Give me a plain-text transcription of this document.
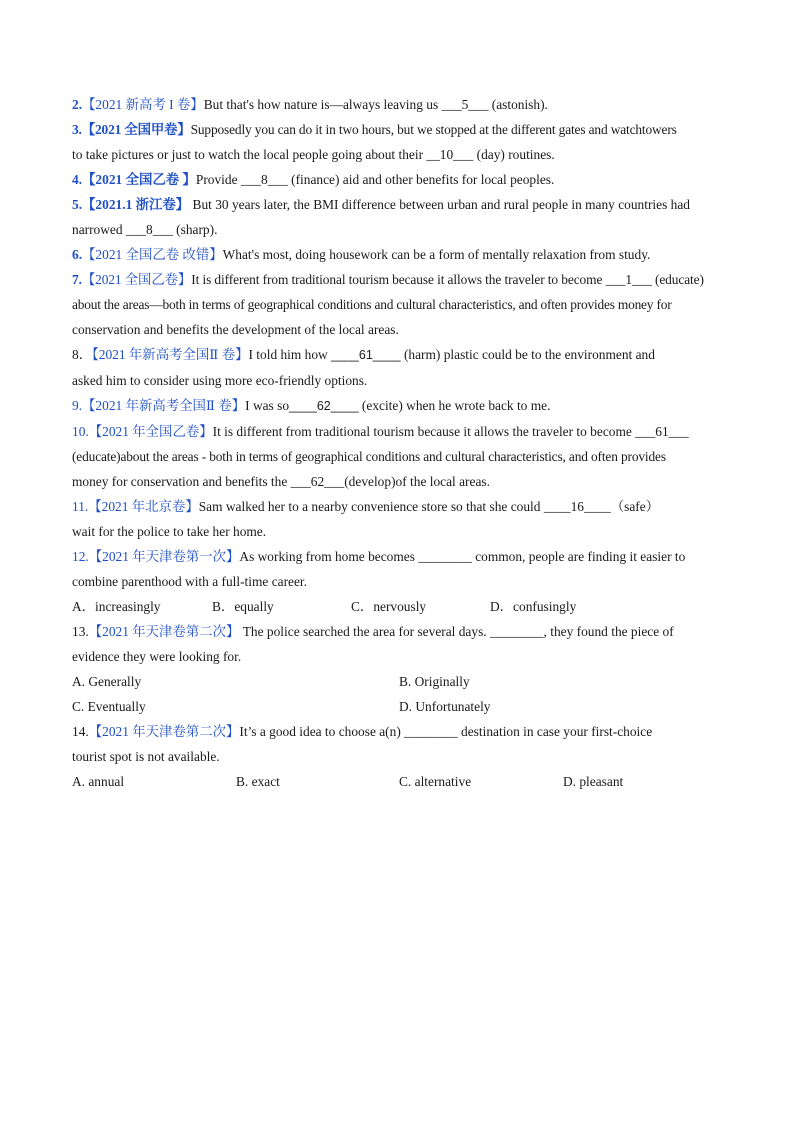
2.【2021 新高考 I 卷】But that's how nature is—always leaving us ___5___ (astonish).
3.【2021 全国甲卷】Supposedly you can do it in two hours, but we stopped at the different gates and watchtowers
to take pictures or just to watch the local people going about their __10___ (day) routines.
4.【2021 全国乙卷 】Provide ___8___ (finance) aid and other benefits for local peoples.
5.【2021.1 浙江卷】 But 30 years later, the BMI difference between urban and rural people in many countries had
narrowed ___8___ (sharp).
6.【2021 全国乙卷 改错】What's most, doing housework can be a form of mentally relaxation from study.
7.【2021 全国乙卷】It is different from traditional tourism because it allows the traveler to become ___1___ (educate)
about the areas—both in terms of geographical conditions and cultural characteristics, and often provides money for
conservation and benefits the development of the local areas.
8．【2021 年新高考全国Ⅱ 卷】I told him how ____61____ (harm) plastic could be to the environment and
asked him to consider using more eco-friendly options.
9.【2021 年新高考全国Ⅱ 卷】I was so____62____ (excite) when he wrote back to me.
10.【2021 年全国乙卷】It is different from traditional tourism because it allows the traveler to become ___61___
(educate)about the areas - both in terms of geographical conditions and cultural characteristics, and often provides
money for conservation and benefits the ___62___(develop)of the local areas.
11.【2021 年北京卷】Sam walked her to a nearby convenience store so that she could ____16____（safe）
wait for the police to take her home.
12.【2021 年天津卷第一次】As working from home becomes ________ common, people are finding it easier to
combine parenthood with a full-time career.
A．increasingly	B．equally	C．nervously	D．confusingly
13.【2021 年天津卷第二次】 The police searched the area for several days. ________, they found the piece of
evidence they were looking for.
A. Generally	B. Originally
C. Eventually	D. Unfortunately
14.【2021 年天津卷第二次】It’s a good idea to choose a(n) ________ destination in case your first-choice
tourist spot is not available.
A. annual	B. exact	C. alternative	D. pleasant
